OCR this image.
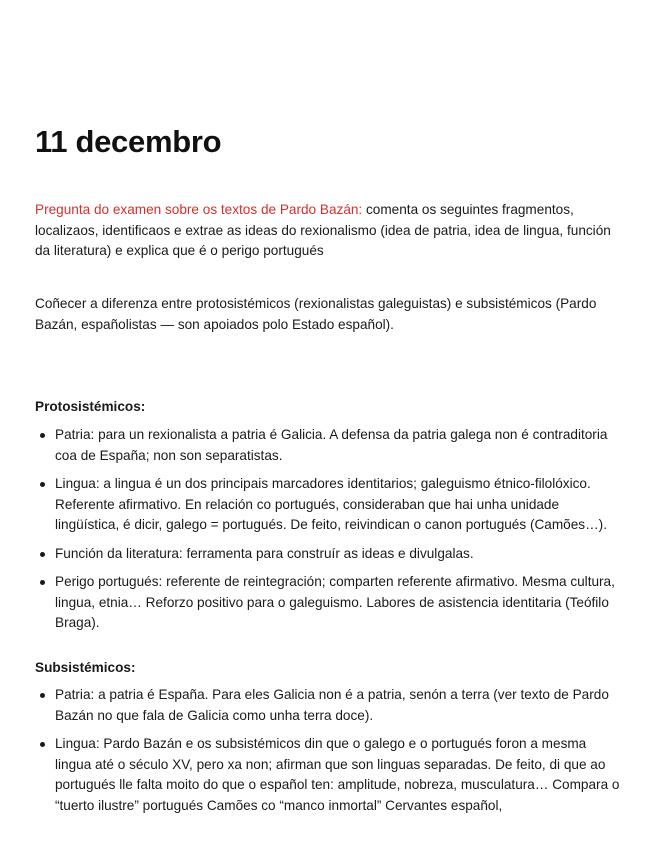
11 decembro

Pregunta do examen sobre os textos de Pardo Bazán: comenta os seguintes fragmentos, localizaos, identificaos e extrae as ideas do rexionalismo (idea de patria, idea de lingua, función da literatura) e explica que é o perigo portugués

Coñecer a diferenza entre protosistémicos (rexionalistas galeguistas) e subsistémicos (Pardo Bazán, españolistas — son apoiados polo Estado español).

Protosistémicos:
Patria: para un rexionalista a patria é Galicia. A defensa da patria galega non é contraditoria coa de España; non son separatistas.
Lingua: a lingua é un dos principais marcadores identitarios; galeguismo étnico-filolóxico. Referente afirmativo. En relación co portugués, consideraban que hai unha unidade lingüística, é dicir, galego = portugués. De feito, reivindican o canon portugués (Camões…).
Función da literatura: ferramenta para construír as ideas e divulgalas.
Perigo portugués: referente de reintegración; comparten referente afirmativo. Mesma cultura, lingua, etnia… Reforzo positivo para o galeguismo. Labores de asistencia identitaria (Teófilo Braga).
Subsistémicos:
Patria: a patria é España. Para eles Galicia non é a patria, senón a terra (ver texto de Pardo Bazán no que fala de Galicia como unha terra doce).
Lingua: Pardo Bazán e os subsistémicos din que o galego e o portugués foron a mesma lingua até o século XV, pero xa non; afirman que son linguas separadas. De feito, di que ao portugués lle falta moito do que o español ten: amplitude, nobreza, musculatura… Compara o “tuerto ilustre” portugués Camões co “manco inmortal” Cervantes español,
